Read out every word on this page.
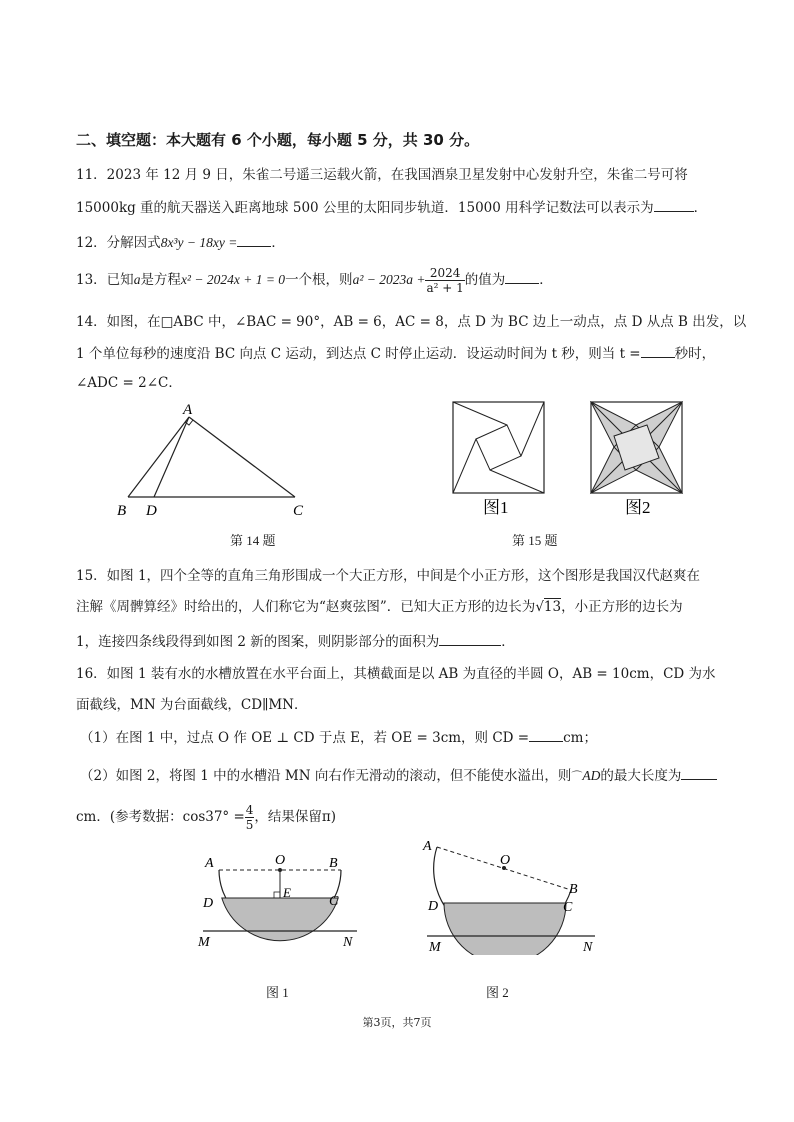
二、填空题：本大题有 6 个小题，每小题 5 分，共 30 分。
11．2023 年 12 月 9 日，朱雀二号遥三运载火箭，在我国酒泉卫星发射中心发射升空，朱雀二号可将
15000kg 重的航天器送入距离地球 500 公里的太阳同步轨道．15000 用科学记数法可以表示为	．
12．分解因式8x³y − 18xy =	．
13．已知a是方程x² − 2024x + 1 = 0一个根，则$a^2 - 2023a + \frac{2024}{\text{a² + 1}}$ 的值为	．
14．如图，在□ABC 中，∠BAC = 90°，AB = 6，AC = 8，点 D 为 BC 边上一动点，点 D 从点 B 出发，以
1 个单位每秒的速度沿 BC 向点 C 运动，到达点 C 时停止运动．设运动时间为 t 秒，则当 t =	秒时，
∠ADC = 2∠C．
A
B D	C
第 14 题
图1	图2
第 15 题
15．如图 1，四个全等的直角三角形围成一个大正方形，中间是个小正方形，这个图形是我国汉代赵爽在
注解《周髀算经》时给出的，人们称它为“赵爽弦图”．已知大正方形的边长为√13，小正方形的边长为
1，连接四条线段得到如图 2 新的图案，则阴影部分的面积为	．
16．如图 1 装有水的水槽放置在水平台面上，其横截面是以 AB 为直径的半圆 O，AB = 10cm，CD 为水
面截线，MN 为台面截线，CD∥MN．
（1）在图 1 中，过点 O 作 OE ⊥ CD 于点 E，若 OE = 3cm，则 CD =	cm；
（2）如图 2，将图 1 中的水槽沿 MN 向右作无滑动的滚动，但不能使水溢出，则⌒AD的最大长度为
cm．(参考数据：$\cos 37^\circ = \frac{4}{5}$ ，结果保留π)
A	O	B
D
E
C
M	N
图 1
A
O
B
D	C
M	N
图 2
第3页，共7页
